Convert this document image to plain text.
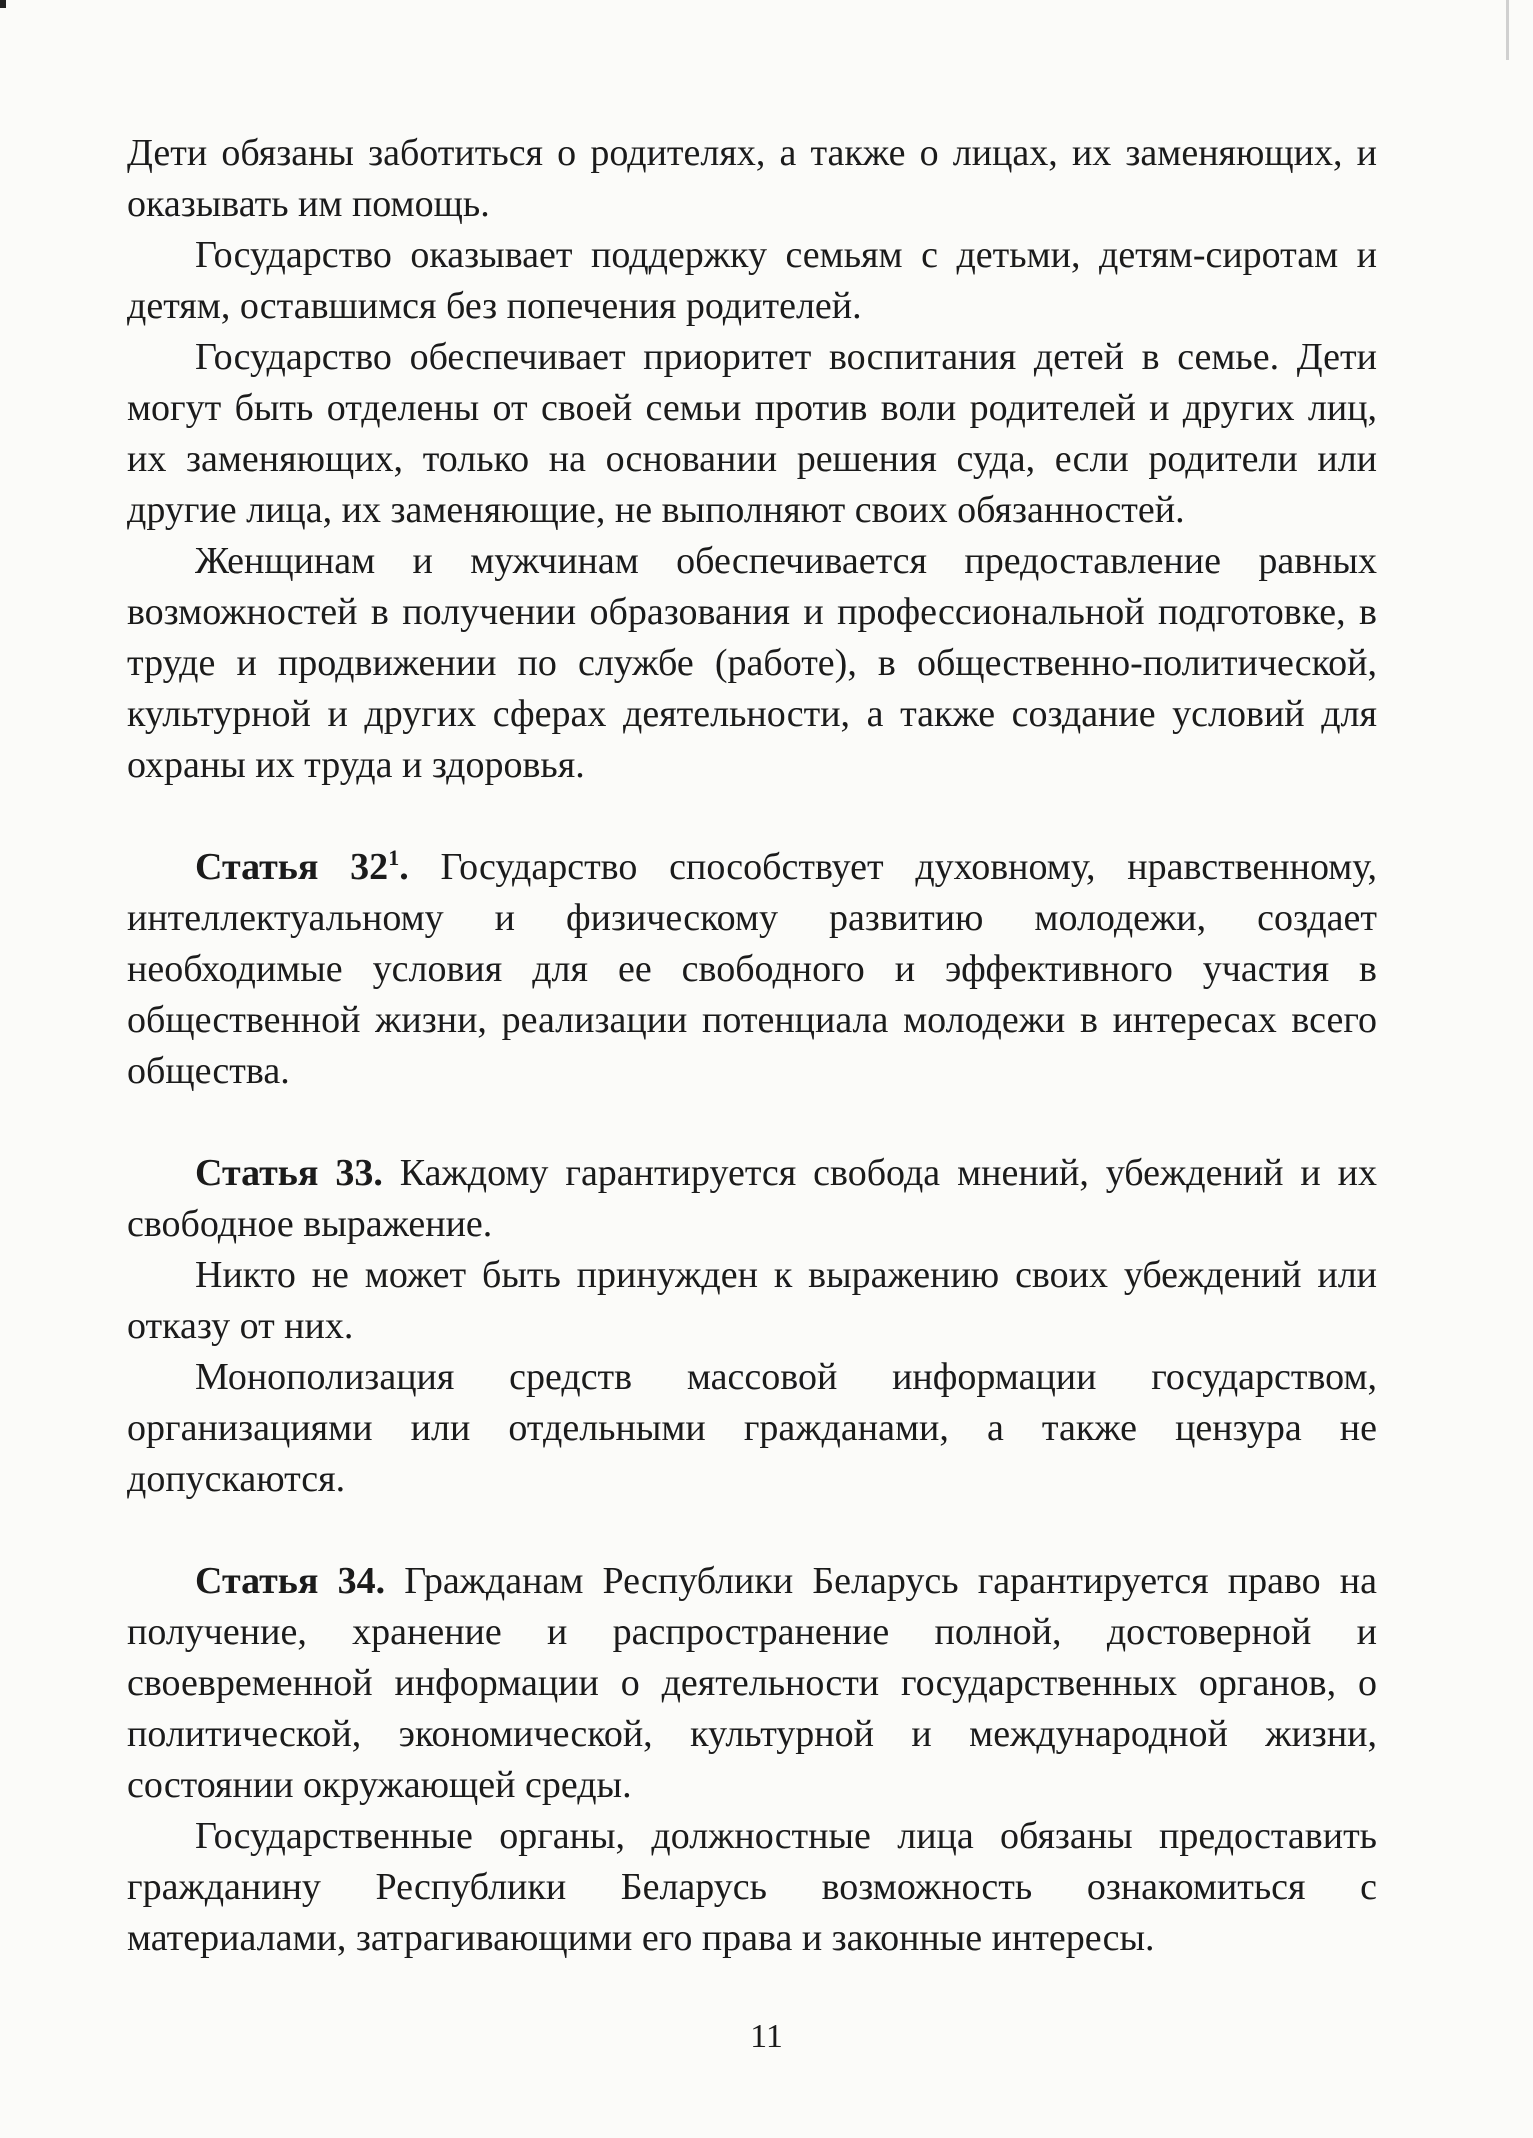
Дети обязаны заботиться о родителях, а также о лицах, их заменяющих, и оказывать им помощь.

Государство оказывает поддержку семьям с детьми, детям-сиротам и детям, оставшимся без попечения родителей.

Государство обеспечивает приоритет воспитания детей в семье. Дети могут быть отделены от своей семьи против воли родителей и других лиц, их заменяющих, только на основании решения суда, если родители или другие лица, их заменяющие, не выполняют своих обязанностей.

Женщинам и мужчинам обеспечивается предоставление равных возможностей в получении образования и профессиональной подготовке, в труде и продвижении по службе (работе), в общественно-политической, культурной и других сферах деятельности, а также создание условий для охраны их труда и здоровья.

Статья $32^1$. Государство способствует духовному, нравственному, интеллектуальному и физическому развитию молодежи, создает необходимые условия для ее свободного и эффективного участия в общественной жизни, реализации потенциала молодежи в интересах всего общества.

Статья 33. Каждому гарантируется свобода мнений, убеждений и их свободное выражение.

Никто не может быть принужден к выражению своих убеждений или отказу от них.

Монополизация средств массовой информации государством, организациями или отдельными гражданами, а также цензура не допускаются.

Статья 34. Гражданам Республики Беларусь гарантируется право на получение, хранение и распространение полной, достоверной и своевременной информации о деятельности государственных органов, о политической, экономической, культурной и международной жизни, состоянии окружающей среды.

Государственные органы, должностные лица обязаны предоставить гражданину Республики Беларусь возможность ознакомиться с материалами, затрагивающими его права и законные интересы.

11
